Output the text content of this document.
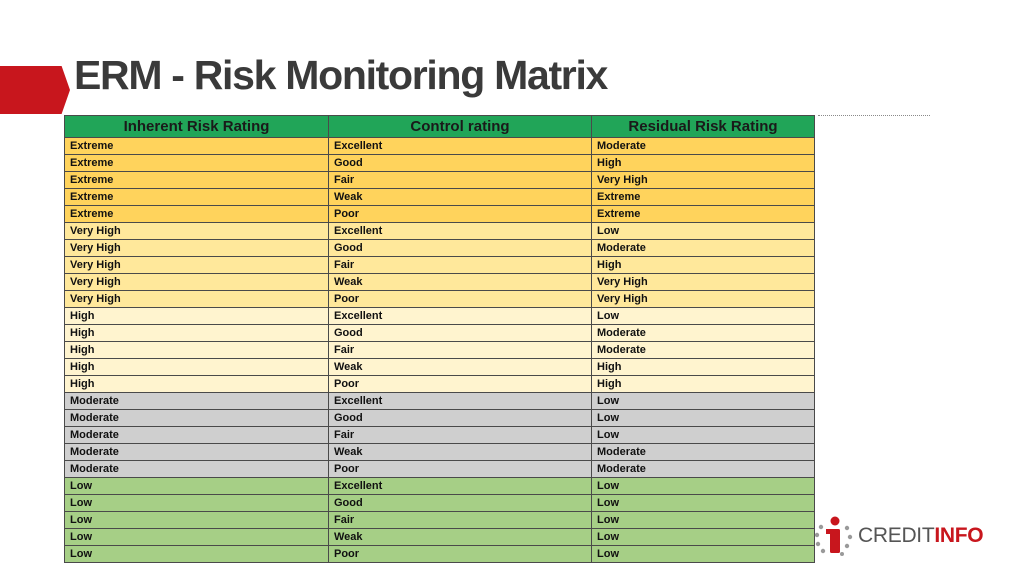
ERM - Risk Monitoring Matrix
Inherent Risk Rating	Control rating	Residual Risk Rating
Extreme	Excellent	Moderate
Extreme	Good	High
Extreme	Fair	Very High
Extreme	Weak	Extreme
Extreme	Poor	Extreme
Very High	Excellent	Low
Very High	Good	Moderate
Very High	Fair	High
Very High	Weak	Very High
Very High	Poor	Very High
High	Excellent	Low
High	Good	Moderate
High	Fair	Moderate
High	Weak	High
High	Poor	High
Moderate	Excellent	Low
Moderate	Good	Low
Moderate	Fair	Low
Moderate	Weak	Moderate
Moderate	Poor	Moderate
Low	Excellent	Low
Low	Good	Low
Low	Fair	Low
Low	Weak	Low
Low	Poor	Low
CREDITINFO
